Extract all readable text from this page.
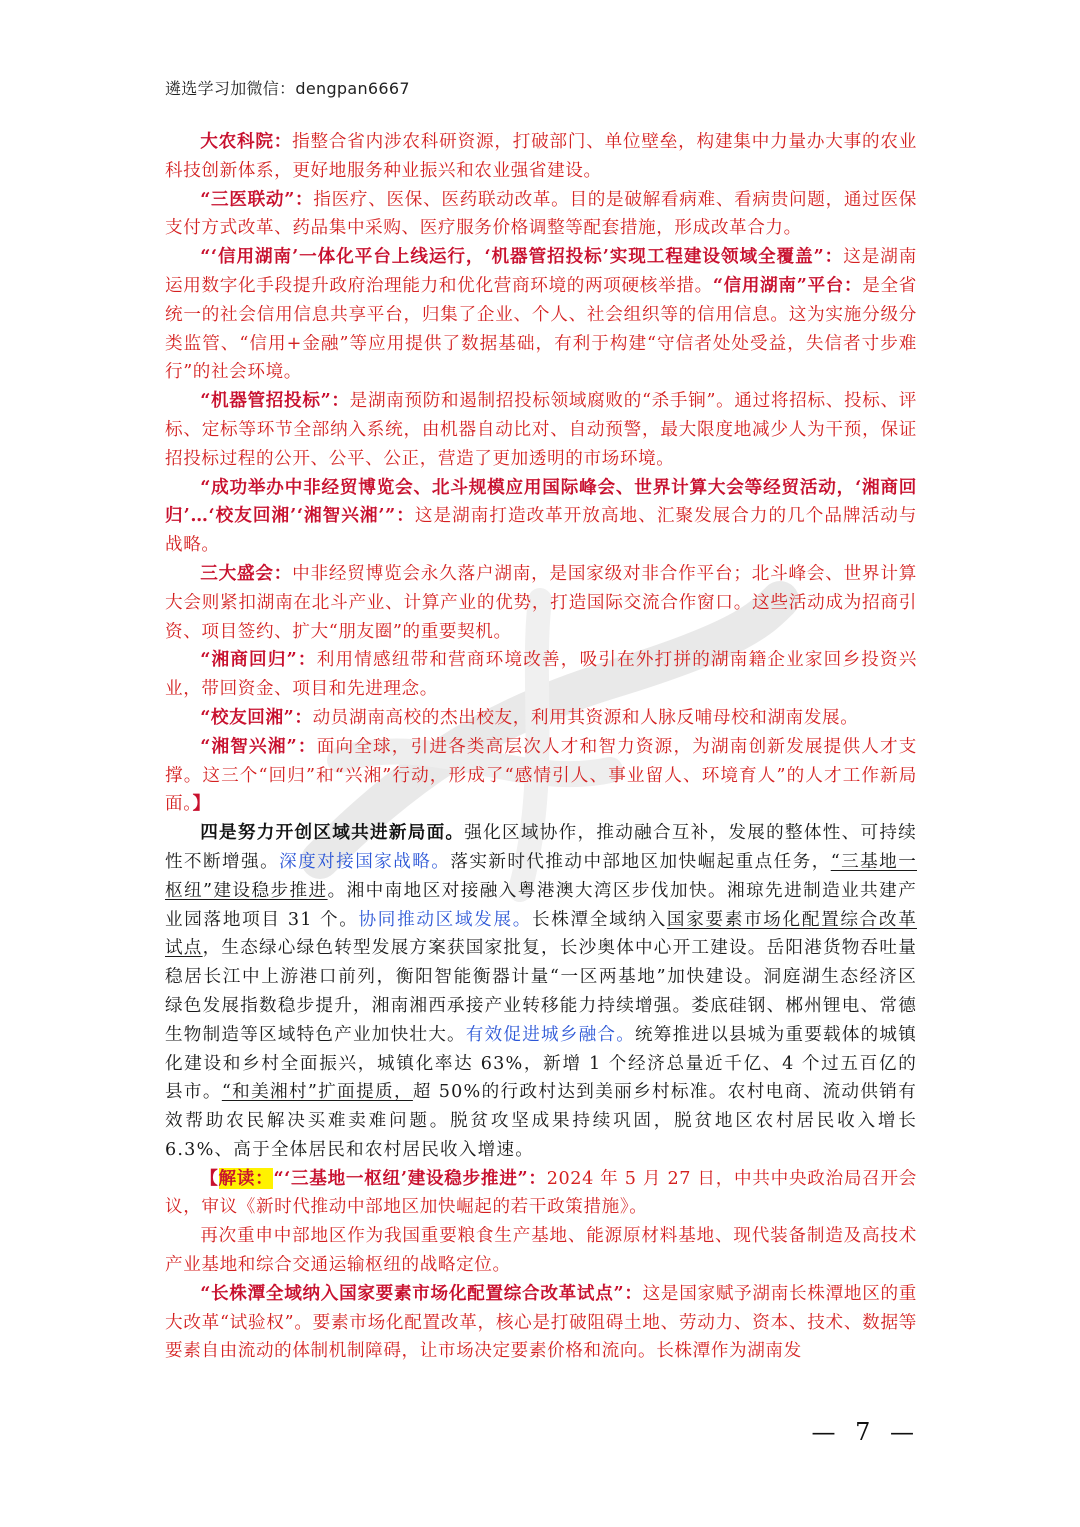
遴选学习加微信：dengpan6667

大农科院：指整合省内涉农科研资源，打破部门、单位壁垒，构建集中力量办大事的农业科技创新体系，更好地服务种业振兴和农业强省建设。

“三医联动”：指医疗、医保、医药联动改革。目的是破解看病难、看病贵问题，通过医保支付方式改革、药品集中采购、医疗服务价格调整等配套措施，形成改革合力。

“‘信用湖南’一体化平台上线运行，‘机器管招投标’实现工程建设领域全覆盖”：这是湖南运用数字化手段提升政府治理能力和优化营商环境的两项硬核举措。“信用湖南”平台：是全省统一的社会信用信息共享平台，归集了企业、个人、社会组织等的信用信息。这为实施分级分类监管、“信用+金融”等应用提供了数据基础，有利于构建“守信者处处受益，失信者寸步难行”的社会环境。

“机器管招投标”：是湖南预防和遏制招投标领域腐败的“杀手锏”。通过将招标、投标、评标、定标等环节全部纳入系统，由机器自动比对、自动预警，最大限度地减少人为干预，保证招投标过程的公开、公平、公正，营造了更加透明的市场环境。

“成功举办中非经贸博览会、北斗规模应用国际峰会、世界计算大会等经贸活动，‘湘商回归’…‘校友回湘’‘湘智兴湘’”：这是湖南打造改革开放高地、汇聚发展合力的几个品牌活动与战略。

三大盛会：中非经贸博览会永久落户湖南，是国家级对非合作平台；北斗峰会、世界计算大会则紧扣湖南在北斗产业、计算产业的优势，打造国际交流合作窗口。这些活动成为招商引资、项目签约、扩大“朋友圈”的重要契机。

“湘商回归”：利用情感纽带和营商环境改善，吸引在外打拼的湖南籍企业家回乡投资兴业，带回资金、项目和先进理念。

“校友回湘”：动员湖南高校的杰出校友，利用其资源和人脉反哺母校和湖南发展。

“湘智兴湘”：面向全球，引进各类高层次人才和智力资源，为湖南创新发展提供人才支撑。这三个“回归”和“兴湘”行动，形成了“感情引人、事业留人、环境育人”的人才工作新局面。】

四是努力开创区域共进新局面。强化区域协作，推动融合互补，发展的整体性、可持续性不断增强。深度对接国家战略。落实新时代推动中部地区加快崛起重点任务，“三基地一枢纽”建设稳步推进。湘中南地区对接融入粤港澳大湾区步伐加快。湘琼先进制造业共建产业园落地项目 31 个。协同推动区域发展。长株潭全域纳入国家要素市场化配置综合改革试点，生态绿心绿色转型发展方案获国家批复，长沙奥体中心开工建设。岳阳港货物吞吐量稳居长江中上游港口前列，衡阳智能衡器计量“一区两基地”加快建设。洞庭湖生态经济区绿色发展指数稳步提升，湘南湘西承接产业转移能力持续增强。娄底硅钢、郴州锂电、常德生物制造等区域特色产业加快壮大。有效促进城乡融合。统筹推进以县城为重要载体的城镇化建设和乡村全面振兴，城镇化率达 63%，新增 1 个经济总量近千亿、4 个过五百亿的县市。“和美湘村”扩面提质，超 50%的行政村达到美丽乡村标准。农村电商、流动供销有效帮助农民解决买难卖难问题。脱贫攻坚成果持续巩固，脱贫地区农村居民收入增长 6.3%、高于全体居民和农村居民收入增速。

【解读：“‘三基地一枢纽’建设稳步推进”：2024 年 5 月 27 日，中共中央政治局召开会议，审议《新时代推动中部地区加快崛起的若干政策措施》。

再次重申中部地区作为我国重要粮食生产基地、能源原材料基地、现代装备制造及高技术产业基地和综合交通运输枢纽的战略定位。

“长株潭全域纳入国家要素市场化配置综合改革试点”：这是国家赋予湖南长株潭地区的重大改革“试验权”。要素市场化配置改革，核心是打破阻碍土地、劳动力、资本、技术、数据等要素自由流动的体制机制障碍，让市场决定要素价格和流向。长株潭作为湖南发

— 7 —
